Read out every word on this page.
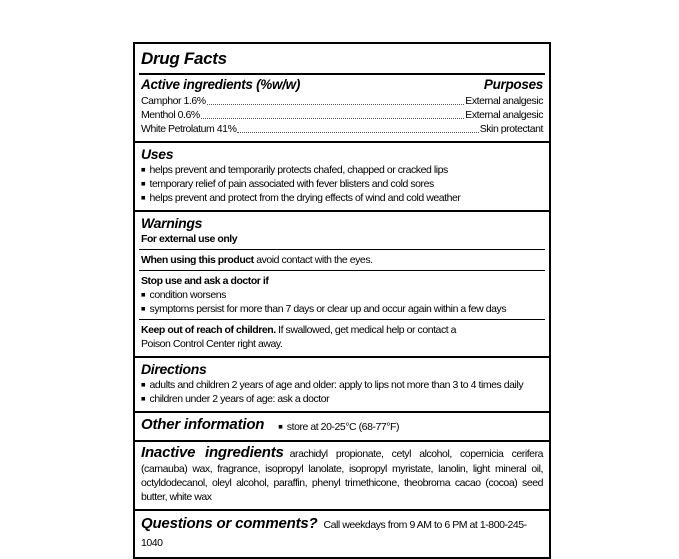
Drug Facts
Active ingredients (%w/w)	Purposes
Camphor 1.6%	External analgesic
Menthol 0.6%	External analgesic
White Petrolatum 41%	Skin protectant
Uses
■ helps prevent and temporarily protects chafed, chapped or cracked lips
■ temporary relief of pain associated with fever blisters and cold sores
■ helps prevent and protect from the drying effects of wind and cold weather
Warnings
For external use only
When using this product avoid contact with the eyes.
Stop use and ask a doctor if
■ condition worsens
■ symptoms persist for more than 7 days or clear up and occur again within a few days
Keep out of reach of children. If swallowed, get medical help or contact a
Poison Control Center right away.
Directions
■ adults and children 2 years of age and older: apply to lips not more than 3 to 4 times daily
■ children under 2 years of age: ask a doctor
Other information ■ store at 20-25°C (68-77°F)
Inactive ingredients arachidyl propionate, cetyl alcohol, copernicia cerifera (carnauba) wax, fragrance, isopropyl lanolate, isopropyl myristate, lanolin, light mineral oil, octyldodecanol, oleyl alcohol, paraffin, phenyl trimethicone, theobroma cacao (cocoa) seed butter, white wax
Questions or comments? Call weekdays from 9 AM to 6 PM at 1-800-245-1040
